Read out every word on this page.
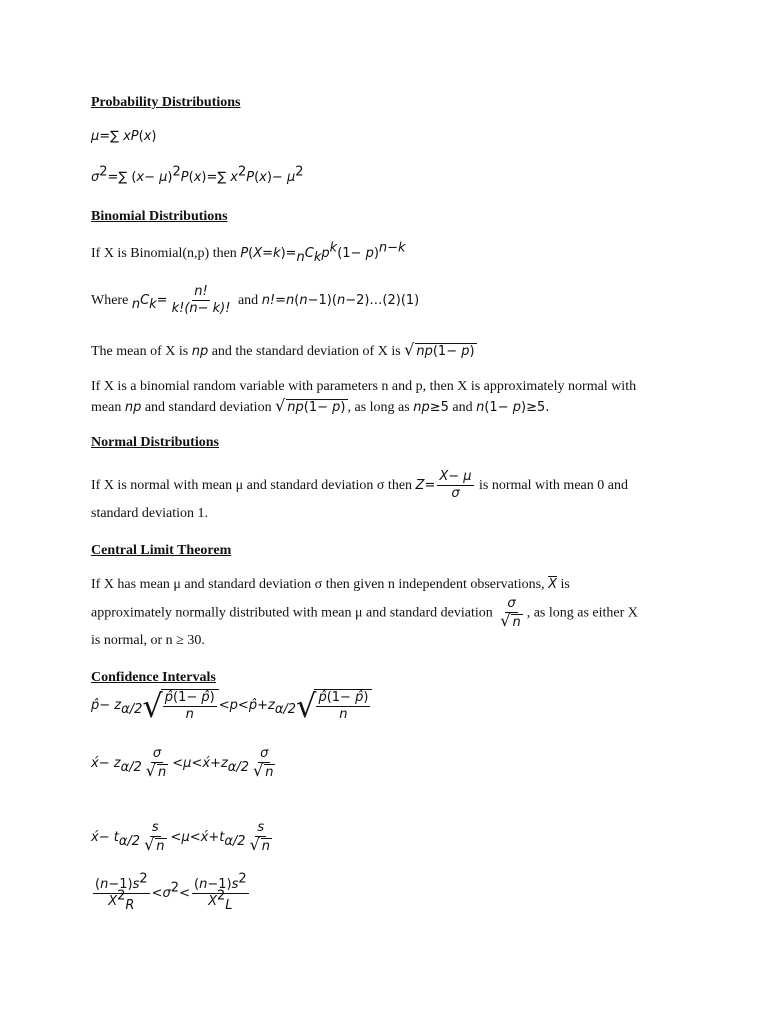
Probability Distributions
μ=∑ xP(x)
$\sigma^2=\sum$ $(x- \mu)^2P(x)=\sum$ $x^2P(x)- \mu^2$
Binomial Distributions
If X is Binomial(n,p) then $P(X=k)=_nC_kp^k(1- p)^{n-k}$
Where $_nC_k= \frac{n!}{k!(n- k)!}$ and n!=n(n−1)(n−2)…(2)(1)
The mean of X is np and the standard deviation of X is √ np(1− p)
If X is a binomial random variable with parameters n and p, then X is approximately normal with
mean np and standard deviation √ np(1− p) , as long as np≥5 and n(1− p)≥5.
Normal Distributions
If X is normal with mean μ and standard deviation σ then $Z= \frac{X- \mu}{\sigma}$ is normal with mean 0 and
standard deviation 1.
Central Limit Theorem
If X has mean μ and standard deviation σ then given n independent observations, $\overline{X}$ is
approximately normally distributed with mean μ and standard deviation $\frac{\sigma}{√ n}$ , as long as either X
is normal, or n ≥ 30.
Confidence Intervals
p̂− $z_{\alpha/2}√ \frac{p̂(1- p̂)}{n}$ $<p<p̂+z_{\alpha/2}√ \frac{p̂(1- p̂)}{n}$
x́− $z_{\alpha/2} \frac{\sigma}{√ n}$ $<\mu<x́+z_{\alpha/2} \frac{\sigma}{√ n}$
x́− $t_{\alpha/2} \frac{s}{√ n}$ $<\mu<x́+t_{\alpha/2} \frac{s}{√ n}$
$\frac{(n-1)s^2}{X^2_R} <\sigma^2< \frac{(n-1)s^2}{X^2_L}$
